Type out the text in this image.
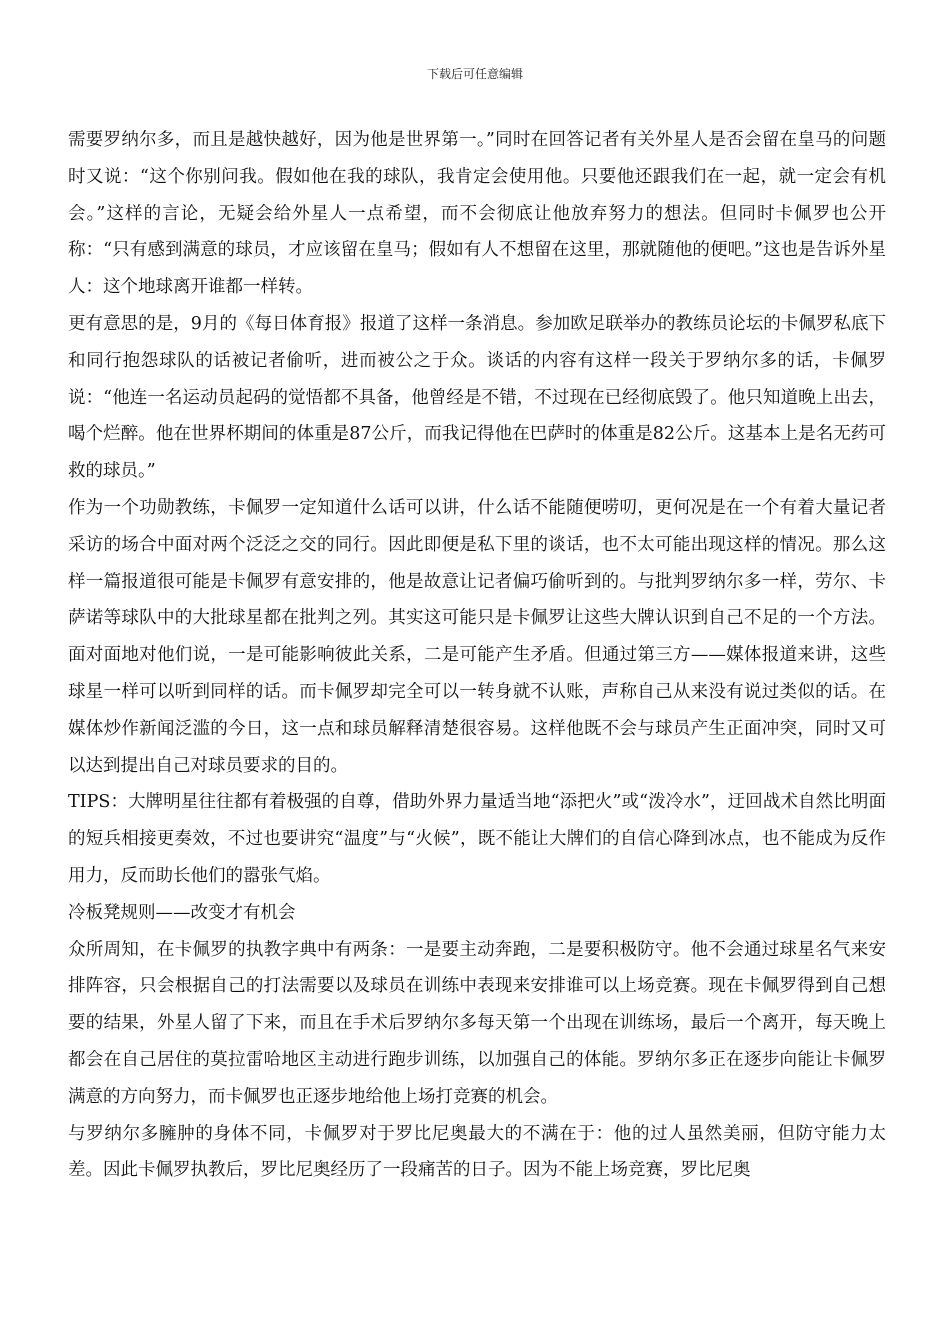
下载后可任意编辑

需要罗纳尔多，而且是越快越好，因为他是世界第一。”同时在回答记者有关外星人是否会留在皇马的问题时又说：“这个你别问我。假如他在我的球队，我肯定会使用他。只要他还跟我们在一起，就一定会有机会。”这样的言论，无疑会给外星人一点希望，而不会彻底让他放弃努力的想法。但同时卡佩罗也公开称：“只有感到满意的球员，才应该留在皇马；假如有人不想留在这里，那就随他的便吧。”这也是告诉外星人：这个地球离开谁都一样转。

更有意思的是，9月的《每日体育报》报道了这样一条消息。参加欧足联举办的教练员论坛的卡佩罗私底下和同行抱怨球队的话被记者偷听，进而被公之于众。谈话的内容有这样一段关于罗纳尔多的话，卡佩罗说：“他连一名运动员起码的觉悟都不具备，他曾经是不错，不过现在已经彻底毁了。他只知道晚上出去，喝个烂醉。他在世界杯期间的体重是87公斤，而我记得他在巴萨时的体重是82公斤。这基本上是名无药可救的球员。”

作为一个功勋教练，卡佩罗一定知道什么话可以讲，什么话不能随便唠叨，更何况是在一个有着大量记者采访的场合中面对两个泛泛之交的同行。因此即便是私下里的谈话，也不太可能出现这样的情况。那么这样一篇报道很可能是卡佩罗有意安排的，他是故意让记者偏巧偷听到的。与批判罗纳尔多一样，劳尔、卡萨诺等球队中的大批球星都在批判之列。其实这可能只是卡佩罗让这些大牌认识到自己不足的一个方法。面对面地对他们说，一是可能影响彼此关系，二是可能产生矛盾。但通过第三方——媒体报道来讲，这些球星一样可以听到同样的话。而卡佩罗却完全可以一转身就不认账，声称自己从来没有说过类似的话。在媒体炒作新闻泛滥的今日，这一点和球员解释清楚很容易。这样他既不会与球员产生正面冲突，同时又可以达到提出自己对球员要求的目的。

TIPS：大牌明星往往都有着极强的自尊，借助外界力量适当地“添把火”或“泼冷水”，迂回战术自然比明面的短兵相接更奏效，不过也要讲究“温度”与“火候”，既不能让大牌们的自信心降到冰点，也不能成为反作用力，反而助长他们的嚣张气焰。

冷板凳规则——改变才有机会

众所周知，在卡佩罗的执教字典中有两条：一是要主动奔跑，二是要积极防守。他不会通过球星名气来安排阵容，只会根据自己的打法需要以及球员在训练中表现来安排谁可以上场竞赛。现在卡佩罗得到自己想要的结果，外星人留了下来，而且在手术后罗纳尔多每天第一个出现在训练场，最后一个离开，每天晚上都会在自己居住的莫拉雷哈地区主动进行跑步训练，以加强自己的体能。罗纳尔多正在逐步向能让卡佩罗满意的方向努力，而卡佩罗也正逐步地给他上场打竞赛的机会。

与罗纳尔多臃肿的身体不同，卡佩罗对于罗比尼奥最大的不满在于：他的过人虽然美丽，但防守能力太差。因此卡佩罗执教后，罗比尼奥经历了一段痛苦的日子。因为不能上场竞赛，罗比尼奥
